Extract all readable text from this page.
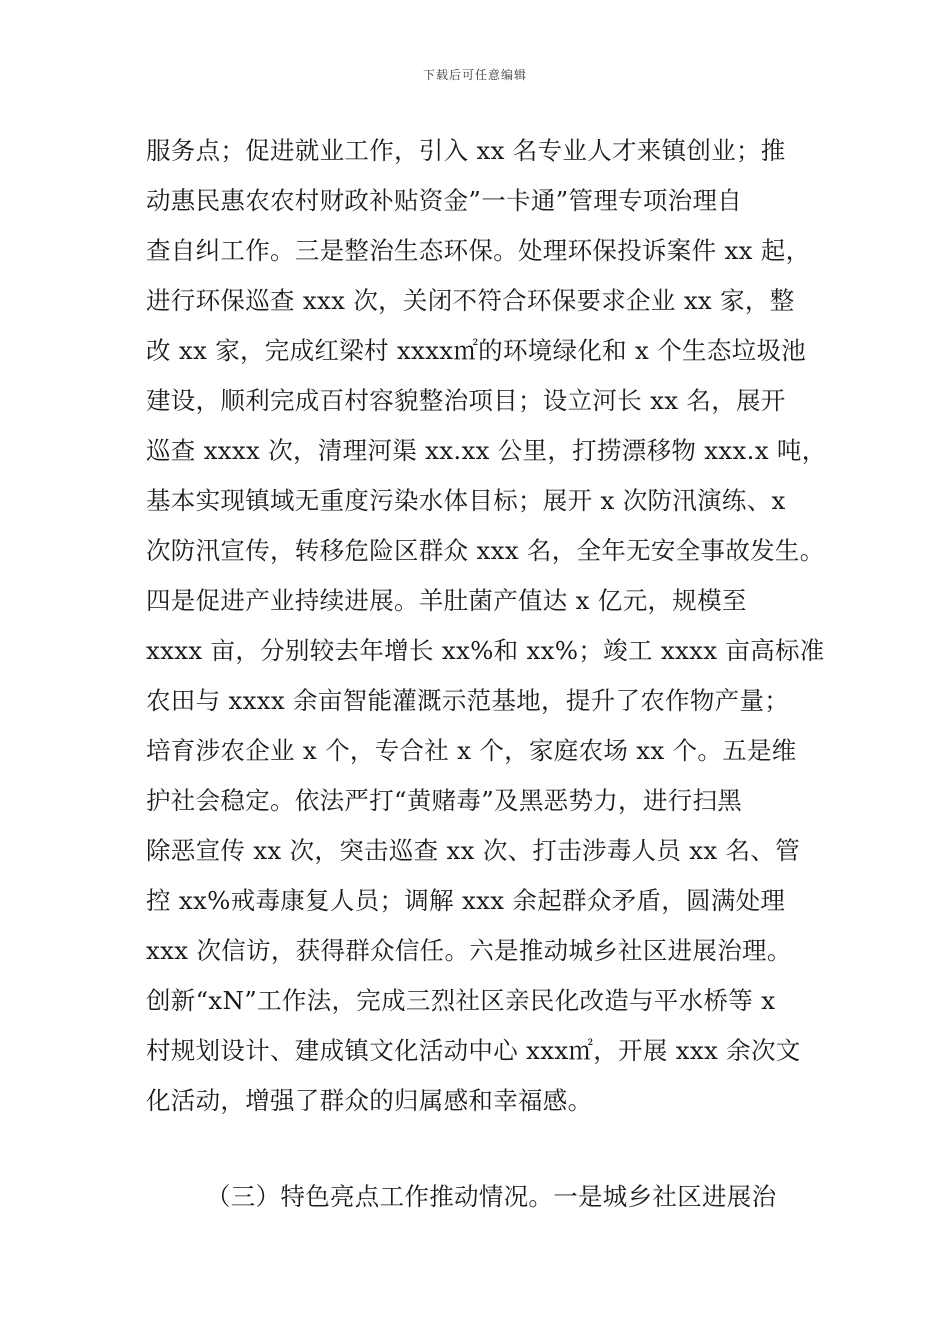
下载后可任意编辑
服务点；促进就业工作，引入 xx 名专业人才来镇创业；推
动惠民惠农农村财政补贴资金”一卡通”管理专项治理自
查自纠工作。三是整治生态环保。处理环保投诉案件 xx 起，
进行环保巡查 xxx 次，关闭不符合环保要求企业 xx 家，整
改 xx 家，完成红梁村 xxxx㎡的环境绿化和 x 个生态垃圾池
建设，顺利完成百村容貌整治项目；设立河长 xx 名，展开
巡查 xxxx 次，清理河渠 xx.xx 公里，打捞漂移物 xxx.x 吨，
基本实现镇域无重度污染水体目标；展开 x 次防汛演练、x
次防汛宣传，转移危险区群众 xxx 名，全年无安全事故发生。
四是促进产业持续进展。羊肚菌产值达 x 亿元，规模至
xxxx 亩，分别较去年增长 xx%和 xx%；竣工 xxxx 亩高标准
农田与 xxxx 余亩智能灌溉示范基地，提升了农作物产量；
培育涉农企业 x 个，专合社 x 个，家庭农场 xx 个。五是维
护社会稳定。依法严打“黄赌毒”及黑恶势力，进行扫黑
除恶宣传 xx 次，突击巡查 xx 次、打击涉毒人员 xx 名、管
控 xx%戒毒康复人员；调解 xxx 余起群众矛盾，圆满处理
xxx 次信访，获得群众信任。六是推动城乡社区进展治理。
创新“xN”工作法，完成三烈社区亲民化改造与平水桥等 x
村规划设计、建成镇文化活动中心 xxx㎡，开展 xxx 余次文
化活动，增强了群众的归属感和幸福感。
（三）特色亮点工作推动情况。一是城乡社区进展治
